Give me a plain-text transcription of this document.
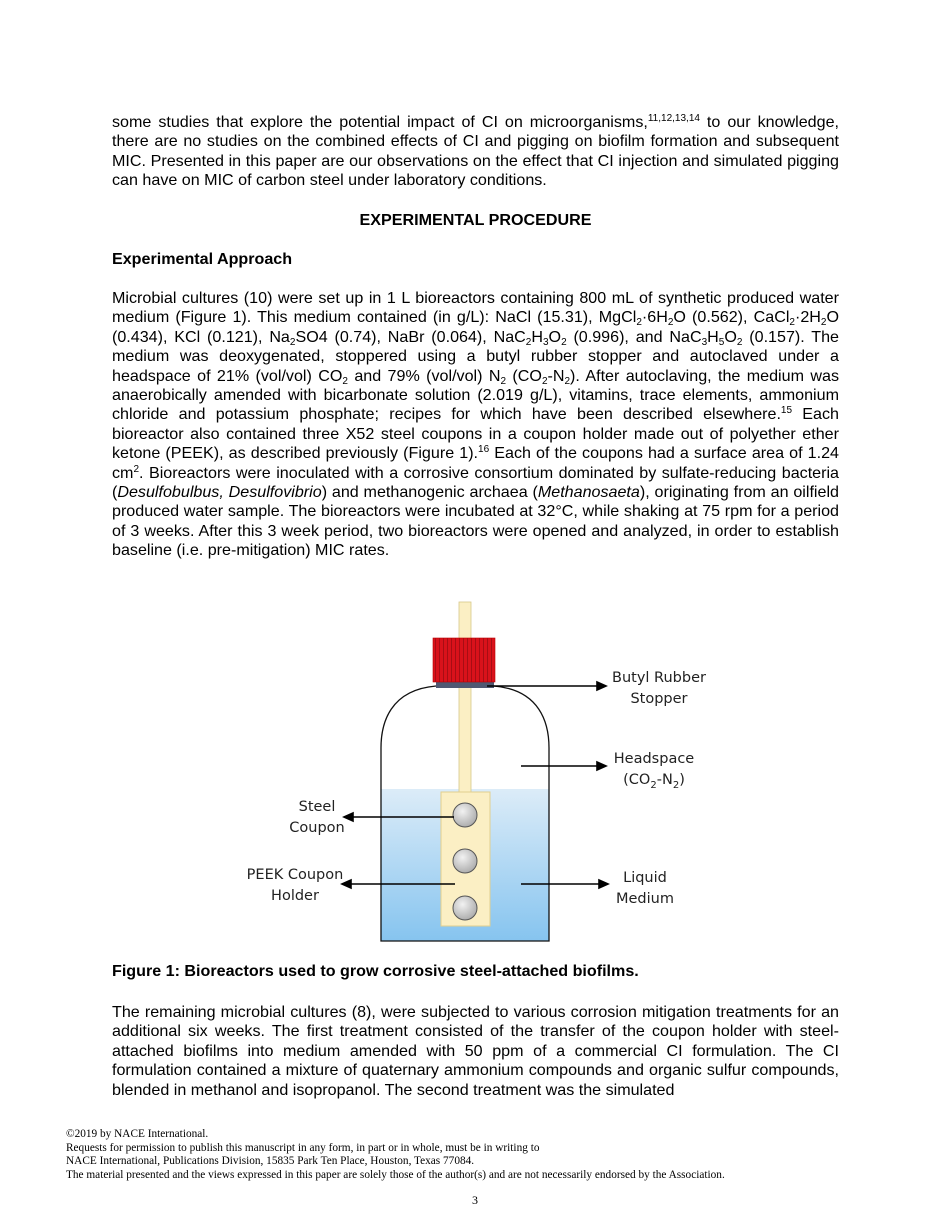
some studies that explore the potential impact of CI on microorganisms,$^{11,12,13,14}$ to our knowledge, there are no studies on the combined effects of CI and pigging on biofilm formation and subsequent MIC. Presented in this paper are our observations on the effect that CI injection and simulated pigging can have on MIC of carbon steel under laboratory conditions.

EXPERIMENTAL PROCEDURE

Experimental Approach

Microbial cultures (10) were set up in 1 L bioreactors containing 800 mL of synthetic produced water medium (Figure 1). This medium contained (in g/L): NaCl (15.31), $MgCl_2\cdot 6H_2O$ (0.562), $CaCl_2\cdot 2H_2O$ (0.434), KCl (0.121), $Na_2SO4$ (0.74), NaBr (0.064), $NaC_2H_3O_2$ (0.996), and $NaC_3H_5O_2$ (0.157). The medium was deoxygenated, stoppered using a butyl rubber stopper and autoclaved under a headspace of 21% (vol/vol) $CO_2$ and 79% (vol/vol) $N_2$ $(CO_2-N_2)$. After autoclaving, the medium was anaerobically amended with bicarbonate solution (2.019 g/L), vitamins, trace elements, ammonium chloride and potassium phosphate; recipes for which have been described elsewhere.$^{15}$ Each bioreactor also contained three X52 steel coupons in a coupon holder made out of polyether ether ketone (PEEK), as described previously (Figure 1).$^{16}$ Each of the coupons had a surface area of 1.24 $cm^2$. Bioreactors were inoculated with a corrosive consortium dominated by sulfate-reducing bacteria (Desulfobulbus, Desulfovibrio) and methanogenic archaea (Methanosaeta), originating from an oilfield produced water sample. The bioreactors were incubated at 32°C, while shaking at 75 rpm for a period of 3 weeks. After this 3 week period, two bioreactors were opened and analyzed, in order to establish baseline (i.e. pre-mitigation) MIC rates.

Butyl Rubber
Stopper
Headspace
$(CO_2-N_2)$
Steel
Coupon
PEEK Coupon
Holder
Liquid
Medium

Figure 1: Bioreactors used to grow corrosive steel-attached biofilms.

The remaining microbial cultures (8), were subjected to various corrosion mitigation treatments for an additional six weeks. The first treatment consisted of the transfer of the coupon holder with steel-attached biofilms into medium amended with 50 ppm of a commercial CI formulation. The CI formulation contained a mixture of quaternary ammonium compounds and organic sulfur compounds, blended in methanol and isopropanol. The second treatment was the simulated

©2019 by NACE International.
Requests for permission to publish this manuscript in any form, in part or in whole, must be in writing to
NACE International, Publications Division, 15835 Park Ten Place, Houston, Texas 77084.
The material presented and the views expressed in this paper are solely those of the author(s) and are not necessarily endorsed by the Association.
3
